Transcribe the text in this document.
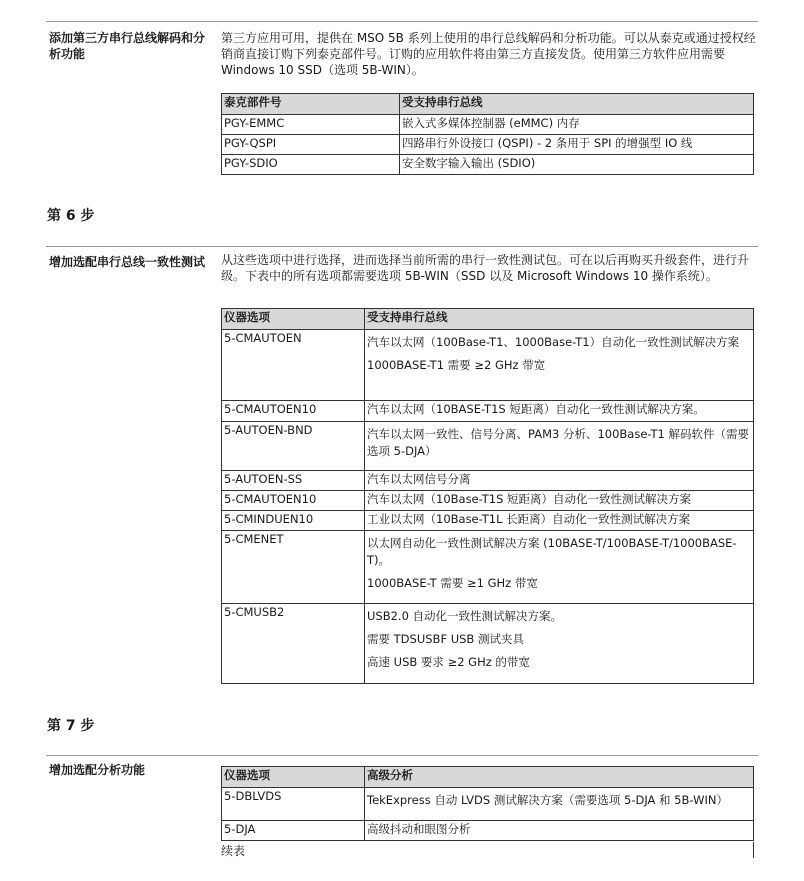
添加第三方串行总线解码和分析功能
第三方应用可用，提供在 MSO 5B 系列上使用的串行总线解码和分析功能。可以从泰克或通过授权经销商直接订购下列泰克部件号。订购的应用软件将由第三方直接发货。使用第三方软件应用需要 Windows 10 SSD（选项 5B-WIN）。
泰克部件号	受支持串行总线
PGY-EMMC	嵌入式多媒体控制器 (eMMC) 内存
PGY-QSPI	四路串行外设接口 (QSPI) - 2 条用于 SPI 的增强型 IO 线
PGY-SDIO	安全数字输入输出 (SDIO)
第 6 步
增加选配串行总线一致性测试	从这些选项中进行选择，进而选择当前所需的串行一致性测试包。可在以后再购买升级套件，进行升级。下表中的所有选项都需要选项 5B-WIN（SSD 以及 Microsoft Windows 10 操作系统）。
仪器选项	受支持串行总线
5-CMAUTOEN	汽车以太网（100Base-T1、1000Base-T1）自动化一致性测试解决方案

1000BASE-T1 需要 ≥2 GHz 带宽

5-CMAUTOEN10	汽车以太网（10BASE-T1S 短距离）自动化一致性测试解决方案。

5-AUTOEN-BND	汽车以太网一致性、信号分离、PAM3 分析、100Base-T1 解码软件（需要选项 5-DJA）

5-AUTOEN-SS	汽车以太网信号分离

5-CMAUTOEN10	汽车以太网（10Base-T1S 短距离）自动化一致性测试解决方案

5-CMINDUEN10	工业以太网（10Base-T1L 长距离）自动化一致性测试解决方案

5-CMENET	以太网自动化一致性测试解决方案 (10BASE-T/100BASE-T/1000BASE-T)。

1000BASE-T 需要 ≥1 GHz 带宽

5-CMUSB2	USB2.0 自动化一致性测试解决方案。

需要 TDSUSBF USB 测试夹具

高速 USB 要求 ≥2 GHz 的带宽

第 7 步
增加选配分析功能	仪器选项	高级分析
5-DBLVDS	TekExpress 自动 LVDS 测试解决方案（需要选项 5-DJA 和 5B-WIN）
5-DJA	高级抖动和眼图分析
续表
